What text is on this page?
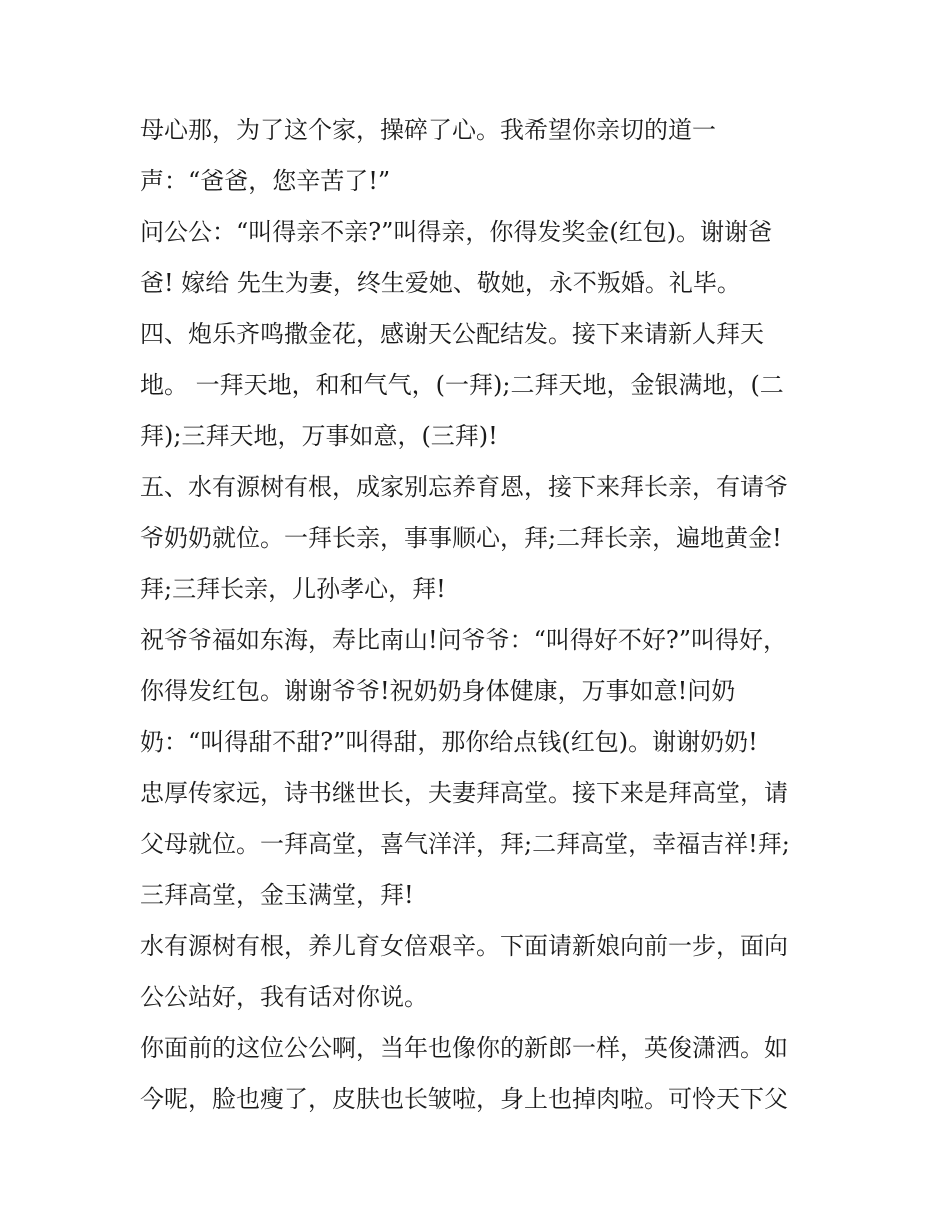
母心那，为了这个家，操碎了心。我希望你亲切的道一
声：“爸爸，您辛苦了!”
问公公：“叫得亲不亲?”叫得亲，你得发奖金(红包)。谢谢爸
爸! 嫁给 先生为妻，终生爱她、敬她，永不叛婚。礼毕。
四、炮乐齐鸣撒金花，感谢天公配结发。接下来请新人拜天
地。 一拜天地，和和气气，(一拜);二拜天地，金银满地，(二
拜);三拜天地，万事如意，(三拜)!
五、水有源树有根，成家别忘养育恩，接下来拜长亲，有请爷
爷奶奶就位。一拜长亲，事事顺心，拜;二拜长亲，遍地黄金!
拜;三拜长亲，儿孙孝心，拜!
祝爷爷福如东海，寿比南山!问爷爷：“叫得好不好?”叫得好，
你得发红包。谢谢爷爷!祝奶奶身体健康，万事如意!问奶
奶：“叫得甜不甜?”叫得甜，那你给点钱(红包)。谢谢奶奶!
忠厚传家远，诗书继世长，夫妻拜高堂。接下来是拜高堂，请
父母就位。一拜高堂，喜气洋洋，拜;二拜高堂，幸福吉祥!拜;
三拜高堂，金玉满堂，拜!
水有源树有根，养儿育女倍艰辛。下面请新娘向前一步，面向
公公站好，我有话对你说。
你面前的这位公公啊，当年也像你的新郎一样，英俊潇洒。如
今呢，脸也瘦了，皮肤也长皱啦，身上也掉肉啦。可怜天下父
